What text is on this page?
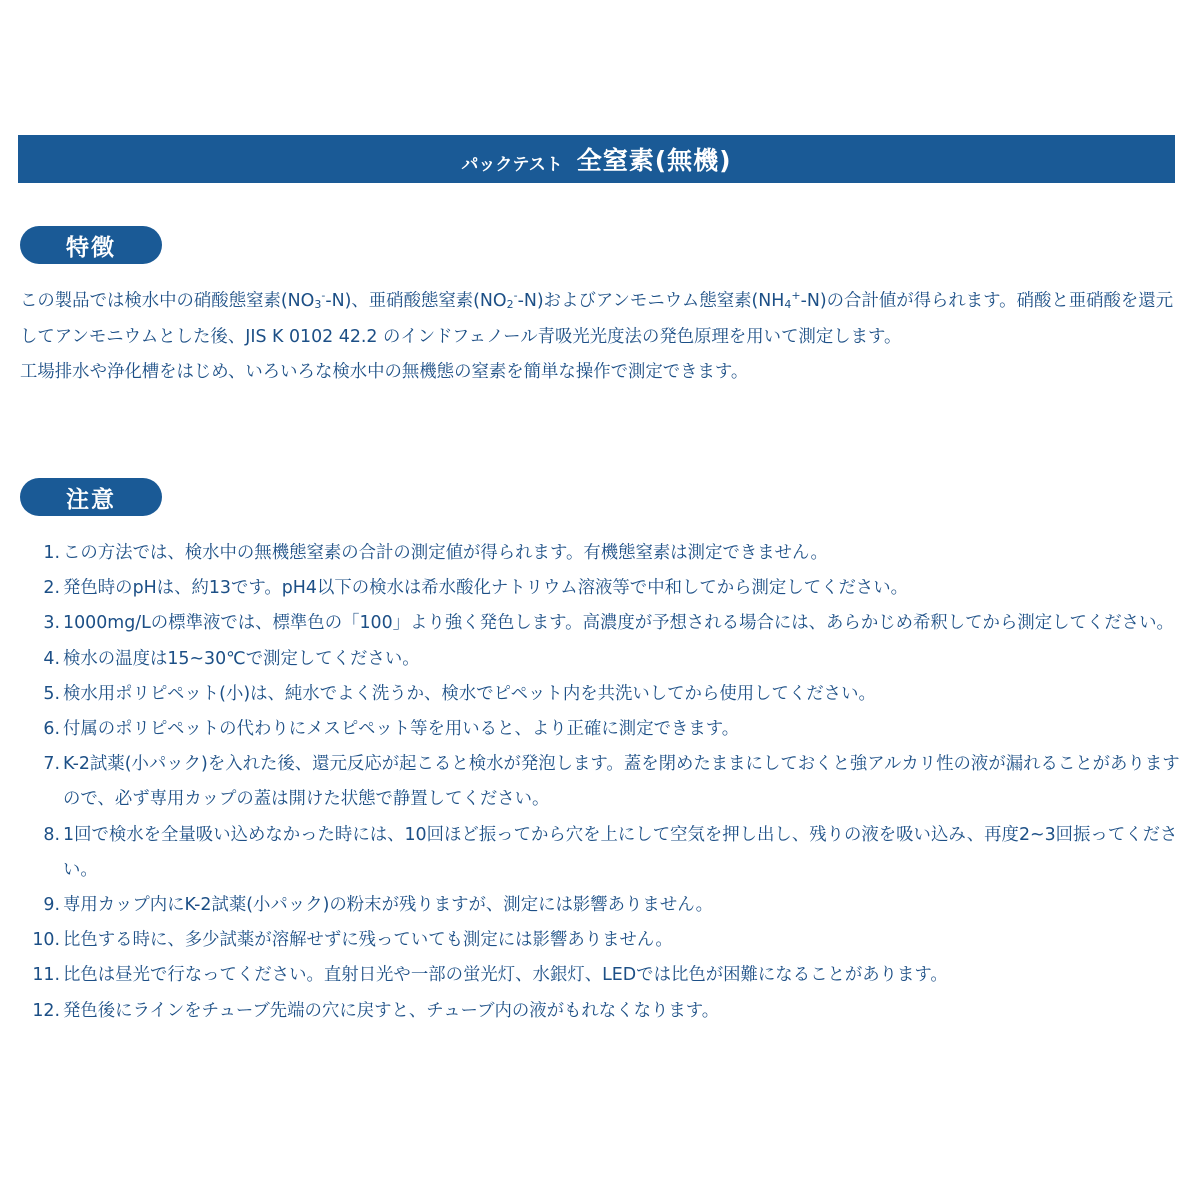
パックテスト 全窒素(無機)
特徴

この製品では検水中の硝酸態窒素$(NO_3^--N)$、亜硝酸態窒素$(NO_2^--N)$およびアンモニウム態窒素$(NH_4^+-N)$の合計値が得られます。硝酸と亜硝酸を還元してアンモニウムとした後、JIS K 0102 42.2 のインドフェノール青吸光光度法の発色原理を用いて測定します。

工場排水や浄化槽をはじめ、いろいろな検水中の無機態の窒素を簡単な操作で測定できます。

注意
1. この方法では、検水中の無機態窒素の合計の測定値が得られます。有機態窒素は測定できません。
2. 発色時のpHは、約13です。pH4以下の検水は希水酸化ナトリウム溶液等で中和してから測定してください。
3. 1000mg/Lの標準液では、標準色の「100」より強く発色します。高濃度が予想される場合には、あらかじめ希釈してから測定してください。
4. 検水の温度は15~30℃で測定してください。
5. 検水用ポリピペット(小)は、純水でよく洗うか、検水でピペット内を共洗いしてから使用してください。
6. 付属のポリピペットの代わりにメスピペット等を用いると、より正確に測定できます。
7. K-2試薬(小パック)を入れた後、還元反応が起こると検水が発泡します。蓋を閉めたままにしておくと強アルカリ性の液が漏れることがありますので、必ず専用カップの蓋は開けた状態で静置してください。
8. 1回で検水を全量吸い込めなかった時には、10回ほど振ってから穴を上にして空気を押し出し、残りの液を吸い込み、再度2~3回振ってください。
9. 専用カップ内にK-2試薬(小パック)の粉末が残りますが、測定には影響ありません。
10. 比色する時に、多少試薬が溶解せずに残っていても測定には影響ありません。
11. 比色は昼光で行なってください。直射日光や一部の蛍光灯、水銀灯、LEDでは比色が困難になることがあります。
12. 発色後にラインをチューブ先端の穴に戻すと、チューブ内の液がもれなくなります。
